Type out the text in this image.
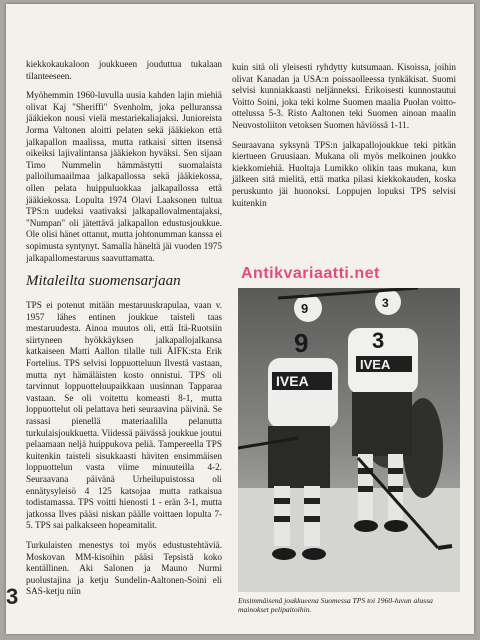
kiekkokaukaloon joukkueen jouduttua tukalaan tilanteeseen.

Myöhemmin 1960-luvulla uusia kahden lajin miehiä olivat Kaj "Sheriffi" Svenholm, joka pelluranssa jääkiekon nousi vielä mestariekaliajaksi. Junioreista Jorma Valtonen aloitti pelaten sekä jääkiekon että jalkapallon maalissa, mutta ratkaisi sitten itsensä oikeiksi lajivalintansa jääkiekon hyväksi. Sen sijaan Timo Nummelin hämmästytti suomalaista palloilumaailmaa jalkapallossa sekä jääkiekossa, ollen pelata huippuluokkaa jalkapallossa että jääkiekossa. Lopulta 1974 Olavi Laaksonen tultua TPS:n uudeksi vaativaksi jalkapallovalmentajaksi, "Numpan" oli jätettävä jalkapallon edustusjoukkue. Ole olisi hänet ottanut, mutta johtonumman kanssa ei sopimusta syntynyt. Samalla häneltä jäi vuoden 1975 jalkapallomestaruus saavuttamatta.

Mitaleilta suomensarjaan

TPS ei potenut mitään mestaruuskrapulaa, vaan v. 1957 lähes entinen joukkue taisteli taas mestaruudesta. Ainoa muutos oli, että Itä-Ruotsiin siirtyneen hyökkäyksen jalkapallojalkansa katkaiseen Matti Aallon tilalle tuli ÅIFK:sta Erik Fortelius. TPS selvisi loppuotteluun Ilvestä vastaan, mutta nyt hämäläisten kosto onnistui. TPS oli tarvinnut loppuotteluupaikkaan uusinnan Tapparaa vastaan. Se oli voitettu komeasti 8-1, mutta loppuottelut oli pelattava heti seuraavina päivinä. Se rassasi pienellä materiaalilla pelanutta turkulaisjoukkuetta. Viidessä päivässä joukkue joutui pelaamaan neljä huippukova peliä. Tampereella TPS kuitenkin taisteli sisukkaasti häviten ensimmäisen loppuottelun vasta viime minuuteilla 4-2. Seuraavana päivänä Urheilupuistossa oli ennätysyleisö 4 125 katsojaa mutta ratkaisua todistamassa. TPS voitti hienosti 1 - erän 3-1, mutta jatkossa Ilves pääsi niskan päälle voittaen lopulta 7-5. TPS sai palkakseen hopeamitalit.

Turkulaisten menestys toi myös edustustehtäviä. Moskovan MM-kisoihin pääsi Tepsistä koko kentällinen. Aki Salonen ja Mauno Nurmi puolustajina ja ketju Sundelin-Aaltonen-Soini eli SAS-ketju niin

kuin sitä oli yleisesti ryhdytty kutsumaan. Kisoissa, joihin olivat Kanadan ja USA:n poissaolleessa tynkäkisat. Suomi selvisi kunniakkaasti neljänneksi. Erikoisesti kunnostautui Voitto Soini, joka teki kolme Suomen maalia Puolan voitto-ottelussa 5-3. Risto Aaltonen teki Suomen ainoan maalin Neuvostoliiton vetoksen Suomen häviössä 1-11.

Seuraavana syksynä TPS:n jalkapallojoukkue teki pitkän kiertueen Gruusiaan. Mukana oli myös melkoinen joukko kiekkomiehiä. Huoltaja Lumikko olikin taas mukana, kun jälkeen sitä mielitä, että matka pilasi kiekkokauden, koska peruskunto jäi huonoksi. Loppujen lopuksi TPS selvisi kuitenkin

Antikvariaatti.net
9
9
IVEA
3
3
IVEA
Ensimmäisenä joukkueena Suomessa TPS toi 1960-luvun alussa mainokset pelipaitoihin.
3
